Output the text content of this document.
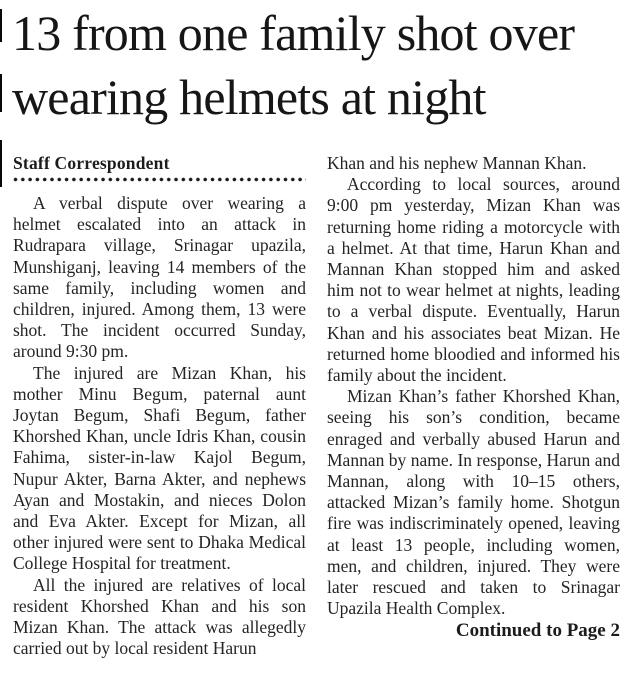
13 from one family shot over wearing helmets at night
Staff Correspondent

A verbal dispute over wearing a helmet escalated into an attack in Rudrapara village, Srinagar upazila, Munshiganj, leaving 14 members of the same family, including women and children, injured. Among them, 13 were shot. The incident occurred Sunday, around 9:30 pm.

The injured are Mizan Khan, his mother Minu Begum, paternal aunt Joytan Begum, Shafi Begum, father Khorshed Khan, uncle Idris Khan, cousin Fahima, sister-in-law Kajol Begum, Nupur Akter, Barna Akter, and nephews Ayan and Mostakin, and nieces Dolon and Eva Akter. Except for Mizan, all other injured were sent to Dhaka Medical College Hospital for treatment.

All the injured are relatives of local resident Khorshed Khan and his son Mizan Khan. The attack was allegedly carried out by local resident Harun

Khan and his nephew Mannan Khan.

According to local sources, around 9:00 pm yesterday, Mizan Khan was returning home riding a motorcycle with a helmet. At that time, Harun Khan and Mannan Khan stopped him and asked him not to wear helmet at nights, leading to a verbal dispute. Eventually, Harun Khan and his associates beat Mizan. He returned home bloodied and informed his family about the incident.

Mizan Khan’s father Khorshed Khan, seeing his son’s condition, became enraged and verbally abused Harun and Mannan by name. In response, Harun and Mannan, along with 10–15 others, attacked Mizan’s family home. Shotgun fire was indiscriminately opened, leaving at least 13 people, including women, men, and children, injured. They were later rescued and taken to Srinagar Upazila Health Complex.

Continued to Page 2
